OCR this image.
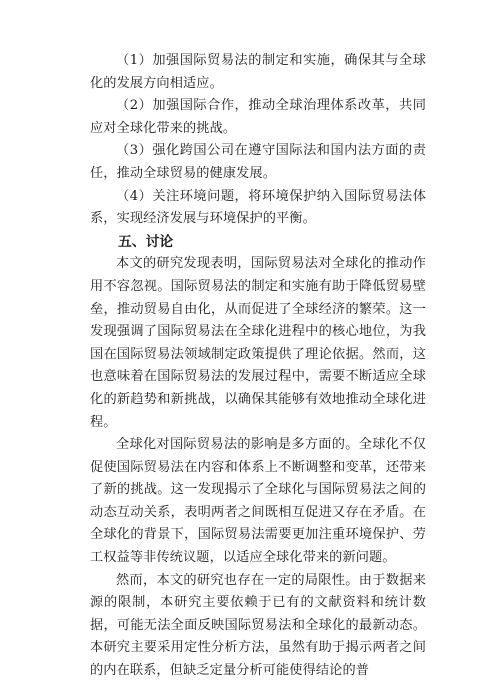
（1）加强国际贸易法的制定和实施，确保其与全球化的发展方向相适应。

（2）加强国际合作，推动全球治理体系改革，共同应对全球化带来的挑战。

（3）强化跨国公司在遵守国际法和国内法方面的责任，推动全球贸易的健康发展。

（4）关注环境问题，将环境保护纳入国际贸易法体系，实现经济发展与环境保护的平衡。

五、讨论

本文的研究发现表明，国际贸易法对全球化的推动作用不容忽视。国际贸易法的制定和实施有助于降低贸易壁垒，推动贸易自由化，从而促进了全球经济的繁荣。这一发现强调了国际贸易法在全球化进程中的核心地位，为我国在国际贸易法领域制定政策提供了理论依据。然而，这也意味着在国际贸易法的发展过程中，需要不断适应全球化的新趋势和新挑战，以确保其能够有效地推动全球化进程。

全球化对国际贸易法的影响是多方面的。全球化不仅促使国际贸易法在内容和体系上不断调整和变革，还带来了新的挑战。这一发现揭示了全球化与国际贸易法之间的动态互动关系，表明两者之间既相互促进又存在矛盾。在全球化的背景下，国际贸易法需要更加注重环境保护、劳工权益等非传统议题，以适应全球化带来的新问题。

然而，本文的研究也存在一定的局限性。由于数据来源的限制，本研究主要依赖于已有的文献资料和统计数据，可能无法全面反映国际贸易法和全球化的最新动态。本研究主要采用定性分析方法，虽然有助于揭示两者之间的内在联系，但缺乏定量分析可能使得结论的普
